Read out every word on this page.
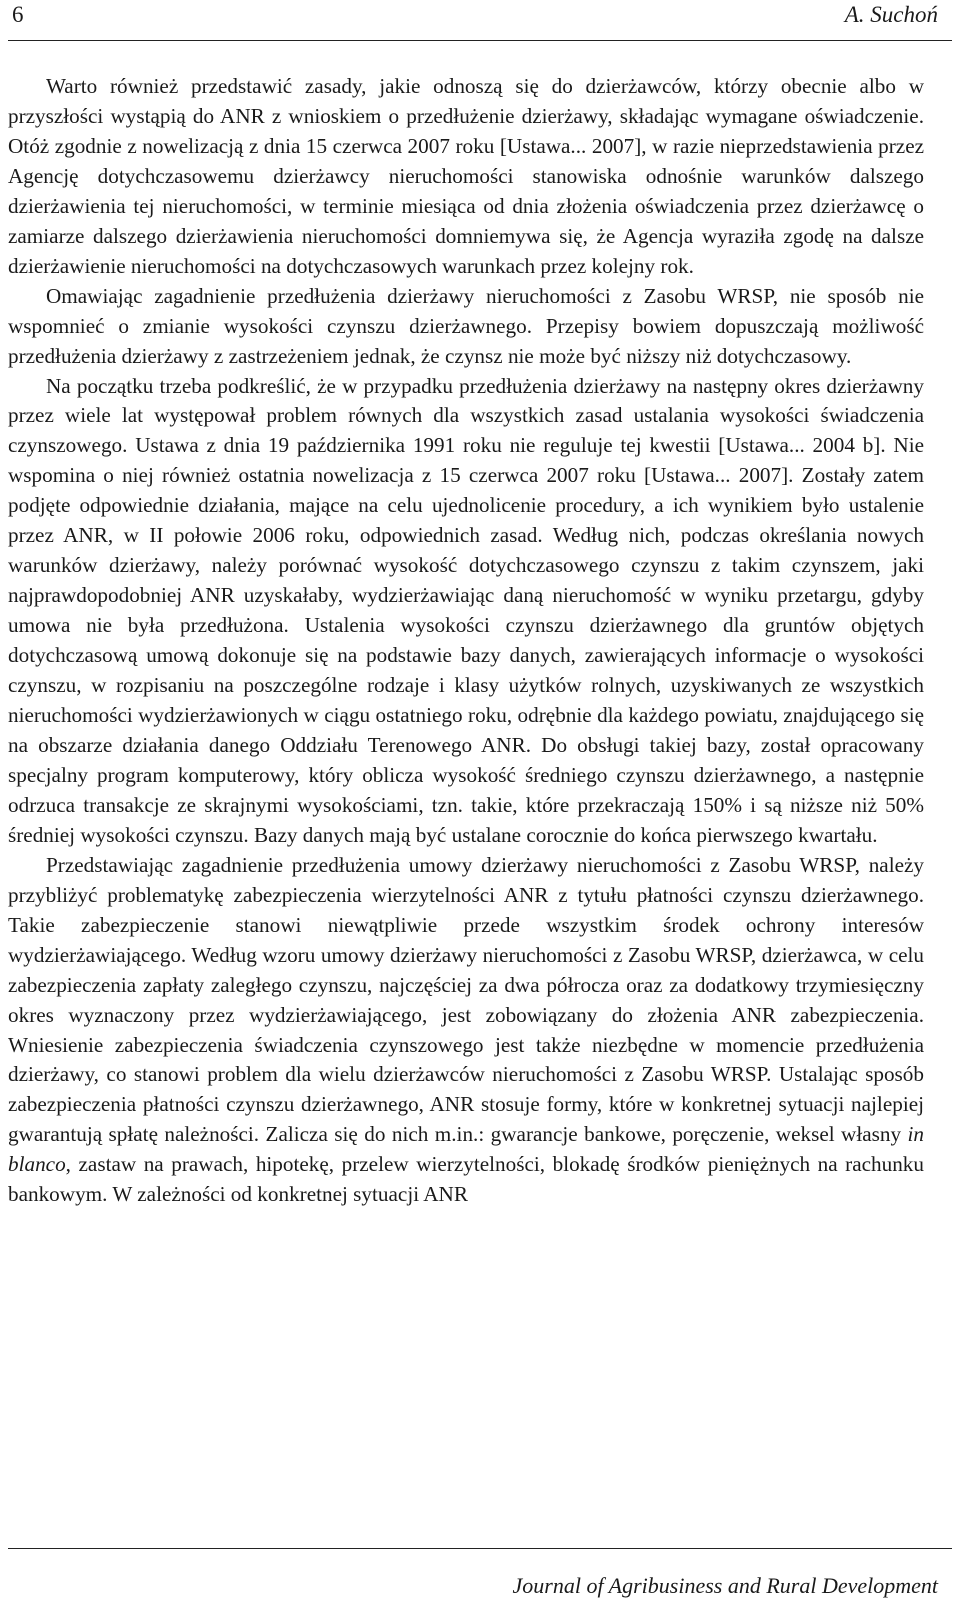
6	A. Suchoń

Warto również przedstawić zasady, jakie odnoszą się do dzierżawców, którzy obecnie albo w przyszłości wystąpią do ANR z wnioskiem o przedłużenie dzierżawy, składając wymagane oświadczenie. Otóż zgodnie z nowelizacją z dnia 15 czerwca 2007 roku [Ustawa... 2007], w razie nieprzedstawienia przez Agencję dotychczasowemu dzierżawcy nieruchomości stanowiska odnośnie warunków dalszego dzierżawienia tej nieruchomości, w terminie miesiąca od dnia złożenia oświadczenia przez dzierżawcę o zamiarze dalszego dzierżawienia nieruchomości domniemywa się, że Agencja wyraziła zgodę na dalsze dzierżawienie nieruchomości na dotychczasowych warunkach przez kolejny rok.

Omawiając zagadnienie przedłużenia dzierżawy nieruchomości z Zasobu WRSP, nie sposób nie wspomnieć o zmianie wysokości czynszu dzierżawnego. Przepisy bowiem dopuszczają możliwość przedłużenia dzierżawy z zastrzeżeniem jednak, że czynsz nie może być niższy niż dotychczasowy.

Na początku trzeba podkreślić, że w przypadku przedłużenia dzierżawy na następny okres dzierżawny przez wiele lat występował problem równych dla wszystkich zasad ustalania wysokości świadczenia czynszowego. Ustawa z dnia 19 października 1991 roku nie reguluje tej kwestii [Ustawa... 2004 b]. Nie wspomina o niej również ostatnia nowelizacja z 15 czerwca 2007 roku [Ustawa... 2007]. Zostały zatem podjęte odpowiednie działania, mające na celu ujednolicenie procedury, a ich wynikiem było ustalenie przez ANR, w II połowie 2006 roku, odpowiednich zasad. Według nich, podczas określania nowych warunków dzierżawy, należy porównać wysokość dotychczasowego czynszu z takim czynszem, jaki najprawdopodobniej ANR uzyskałaby, wydzierżawiając daną nieruchomość w wyniku przetargu, gdyby umowa nie była przedłużona. Ustalenia wysokości czynszu dzierżawnego dla gruntów objętych dotychczasową umową dokonuje się na podstawie bazy danych, zawierających informacje o wysokości czynszu, w rozpisaniu na poszczególne rodzaje i klasy użytków rolnych, uzyskiwanych ze wszystkich nieruchomości wydzierżawionych w ciągu ostatniego roku, odrębnie dla każdego powiatu, znajdującego się na obszarze działania danego Oddziału Terenowego ANR. Do obsługi takiej bazy, został opracowany specjalny program komputerowy, który oblicza wysokość średniego czynszu dzierżawnego, a następnie odrzuca transakcje ze skrajnymi wysokościami, tzn. takie, które przekraczają 150% i są niższe niż 50% średniej wysokości czynszu. Bazy danych mają być ustalane corocznie do końca pierwszego kwartału.

Przedstawiając zagadnienie przedłużenia umowy dzierżawy nieruchomości z Zasobu WRSP, należy przybliżyć problematykę zabezpieczenia wierzytelności ANR z tytułu płatności czynszu dzierżawnego. Takie zabezpieczenie stanowi niewątpliwie przede wszystkim środek ochrony interesów wydzierżawiającego. Według wzoru umowy dzierżawy nieruchomości z Zasobu WRSP, dzierżawca, w celu zabezpieczenia zapłaty zaległego czynszu, najczęściej za dwa półrocza oraz za dodatkowy trzymiesięczny okres wyznaczony przez wydzierżawiającego, jest zobowiązany do złożenia ANR zabezpieczenia. Wniesienie zabezpieczenia świadczenia czynszowego jest także niezbędne w momencie przedłużenia dzierżawy, co stanowi problem dla wielu dzierżawców nieruchomości z Zasobu WRSP. Ustalając sposób zabezpieczenia płatności czynszu dzierżawnego, ANR stosuje formy, które w konkretnej sytuacji najlepiej gwarantują spłatę należności. Zalicza się do nich m.in.: gwarancje bankowe, poręczenie, weksel własny in blanco, zastaw na prawach, hipotekę, przelew wierzytelności, blokadę środków pieniężnych na rachunku bankowym. W zależności od konkretnej sytuacji ANR

Journal of Agribusiness and Rural Development
